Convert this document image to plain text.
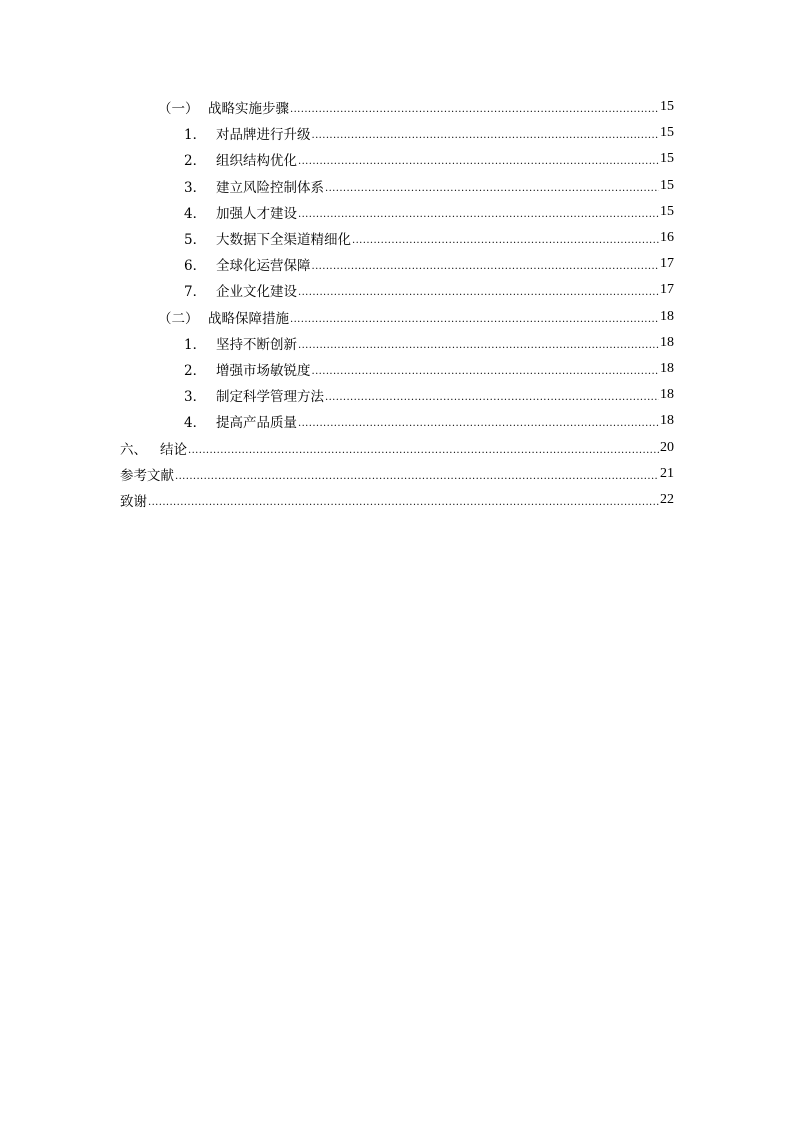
（一） 战略实施步骤 .....	15
1． 对品牌进行升级 .....	15
2． 组织结构优化 .....	15
3． 建立风险控制体系 .....	15
4． 加强人才建设 .....	15
5． 大数据下全渠道精细化 .....	16
6． 全球化运营保障 .....	17
7． 企业文化建设 .....	17
（二） 战略保障措施 .....	18
1． 坚持不断创新 .....	18
2． 增强市场敏锐度 .....	18
3． 制定科学管理方法 .....	18
4． 提高产品质量 .....	18
六、 结论 .....	20
参考文献 .....	21
致谢 .....	22
